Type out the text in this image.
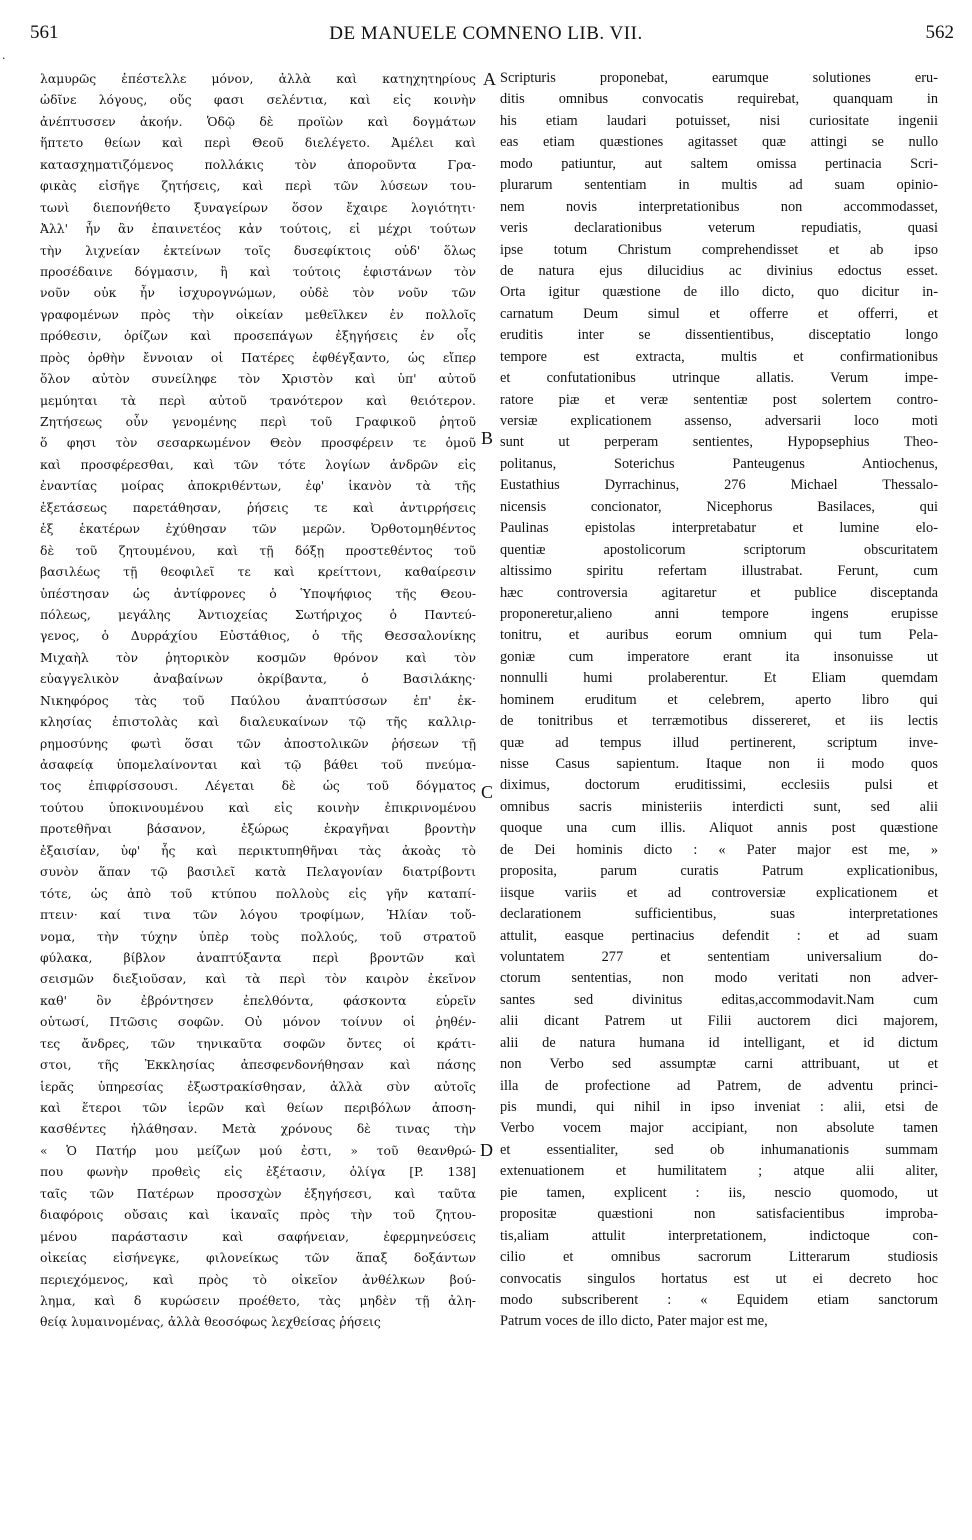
·
561	DE MANUELE COMNENO LIB. VII.	562
λαμυρῶς ἐπέστελλε μόνον, ἀλλὰ καὶ κατηχητηρίους
ὠδῖνε λόγους, οὕς φασι σελέντια, καὶ εἰς κοινὴν
ἀνέπτυσσεν ἀκοήν. Ὁδῷ δὲ προϊὼν καὶ δογμάτων
ἥπτετο θείων καὶ περὶ Θεοῦ διελέγετο. Ἀμέλει καὶ
κατασχηματιζόμενος πολλάκις τὸν ἀποροῦντα Γρα-
φικὰς εἰσῆγε ζητήσεις, καὶ περὶ τῶν λύσεων του-
τωνὶ διεπονήθετο ξυναγείρων ὅσον ἔχαιρε λογιότητι·
Ἀλλ' ἦν ἂν ἐπαινετέος κἀν τούτοις, εἰ μέχρι τούτων
τὴν λιχνείαν ἐκτείνων τοῖς δυσεφίκτοις οὐδ' ὅλως
προσέδαινε δόγμασιν, ἢ καὶ τούτοις ἐφιστάνων τὸν
νοῦν οὐκ ἦν ἰσχυρογνώμων, οὐδὲ τὸν νοῦν τῶν
γραφομένων πρὸς τὴν οἰκείαν μεθεῖλκεν ἐν πολλοῖς
πρόθεσιν, ὁρίζων καὶ προσεπάγων ἐξηγήσεις ἐν οἷς
πρὸς ὀρθὴν ἔννοιαν οἱ Πατέρες ἐφθέγξαντο, ὡς εἴπερ
ὅλον αὐτὸν συνείληφε τὸν Χριστὸν καὶ ὑπ' αὐτοῦ
μεμύηται τὰ περὶ αὐτοῦ τρανότερον καὶ θειότερον.
Ζητήσεως οὖν γενομένης περὶ τοῦ Γραφικοῦ ῥητοῦ
ὅ φησι τὸν σεσαρκωμένον Θεὸν προσφέρειν τε ὁμοῦ
καὶ προσφέρεσθαι, καὶ τῶν τότε λογίων ἀνδρῶν εἰς
ἐναντίας μοίρας ἀποκριθέντων, ἐφ' ἱκανὸν τὰ τῆς
ἐξετάσεως παρετάθησαν, ῥήσεις τε καὶ ἀντιρρήσεις
ἐξ ἑκατέρων ἐχύθησαν τῶν μερῶν. Ὀρθοτομηθέντος
δὲ τοῦ ζητουμένου, καὶ τῇ δόξῃ προστεθέντος τοῦ
βασιλέως τῇ θεοφιλεῖ τε καὶ κρείττονι, καθαίρεσιν
ὑπέστησαν ὡς ἀντίφρονες ὁ Ὑποψήφιος τῆς Θεου-
πόλεως, μεγάλης Ἀντιοχείας Σωτήριχος ὁ Παντεύ-
γενος, ὁ Δυρράχίου Εὐστάθιος, ὁ τῆς Θεσσαλονίκης
Μιχαὴλ τὸν ῥητορικὸν κοσμῶν θρόνον καὶ τὸν
εὐαγγελικὸν ἀναβαίνων ὀκρίβαντα, ὁ Βασιλάκης·
Νικηφόρος τὰς τοῦ Παύλου ἀναπτύσσων ἐπ' ἐκ-
κλησίας ἐπιστολὰς καὶ διαλευκαίνων τῷ τῆς καλλιρ-
ρημοσύνης φωτὶ ὅσαι τῶν ἀποστολικῶν ῥήσεων τῇ
ἀσαφείᾳ ὑπομελαίνονται καὶ τῷ βάθει τοῦ πνεύμα-
τος ἐπιφρίσσουσι. Λέγεται δὲ ὡς τοῦ δόγματος
τούτου ὑποκινουμένου καὶ εἰς κοινὴν ἐπικρινομένου
προτεθῆναι βάσανον, ἐξώρως ἐκραγῆναι βροντὴν
ἐξαισίαν, ὑφ' ἧς καὶ περικτυπηθῆναι τὰς ἀκοὰς τὸ
συνὸν ἅπαν τῷ βασιλεῖ κατὰ Πελαγονίαν διατρίβοντι
τότε, ὡς ἀπὸ τοῦ κτύπου πολλοὺς εἰς γῆν καταπί-
πτειν· καί τινα τῶν λόγου τροφίμων, Ἠλίαν τοὔ-
νομα, τὴν τύχην ὑπὲρ τοὺς πολλούς, τοῦ στρατοῦ
φύλακα, βίβλον ἀναπτύξαντα περὶ βροντῶν καὶ
σεισμῶν διεξιοῦσαν, καὶ τὰ περὶ τὸν καιρὸν ἐκεῖνον
καθ' ὃν ἐβρόντησεν ἐπελθόντα, φάσκοντα εὑρεῖν
οὑτωσί, Πτῶσις σοφῶν. Οὐ μόνον τοίνυν οἱ ῥηθέν-
τες ἄνδρες, τῶν τηνικαῦτα σοφῶν ὄντες οἱ κράτι-
στοι, τῆς Ἐκκλησίας ἀπεσφενδονήθησαν καὶ πάσης
ἱερᾶς ὑπηρεσίας ἐξωστρακίσθησαν, ἀλλὰ σὺν αὐτοῖς
καὶ ἕτεροι τῶν ἱερῶν καὶ θείων περιβόλων ἀποση-
κασθέντες ἠλάθησαν. Μετὰ χρόνους δὲ τινας τὴν
« Ὁ Πατήρ μου μείζων μού ἐστι, » τοῦ θεανθρώ-
που φωνὴν προθεὶς εἰς ἐξέτασιν, ὀλίγα [P. 138]
ταῖς τῶν Πατέρων προσσχὼν ἐξηγήσεσι, καὶ ταῦτα
διαφόροις οὔσαις καὶ ἱκαναῖς πρὸς τὴν τοῦ ζητου-
μένου παράστασιν καὶ σαφήνειαν, ἐφερμηνεύσεις
οἰκείας εἰσήνεγκε, φιλονείκως τῶν ἅπαξ δοξάντων
περιεχόμενος, καὶ πρὸς τὸ οἰκεῖον ἀνθέλκων βού-
λημα, καὶ δ κυρώσειν προέθετο, τὰς μηδὲν τῇ ἀλη-
θείᾳ λυμαινομένας, ἀλλὰ θεοσόφως λεχθείσας ῥήσεις
Scripturis proponebat, earumque solutiones eru-
ditis omnibus convocatis requirebat, quanquam in
his etiam laudari potuisset, nisi curiositate ingenii
eas etiam quæstiones agitasset quæ attingi se nullo
modo patiuntur, aut saltem omissa pertinacia Scri-
plurarum sententiam in multis ad suam opinio-
nem novis interpretationibus non accommodasset,
veris declarationibus veterum repudiatis, quasi
ipse totum Christum comprehendisset et ab ipso
de natura ejus dilucidius ac divinius edoctus esset.
Orta igitur quæstione de illo dicto, quo dicitur in-
carnatum Deum simul et offerre et offerri, et
eruditis inter se dissentientibus, disceptatio longo
tempore est extracta, multis et confirmationibus
et confutationibus utrinque allatis. Verum impe-
ratore piæ et veræ sententiæ post solertem contro-
versiæ explicationem assenso, adversarii loco moti
sunt ut perperam sentientes, Hypopsephius Theo-
politanus, Soterichus Panteugenus Antiochenus,
Eustathius Dyrrachinus, 276 Michael Thessalo-
nicensis concionator, Nicephorus Basilaces, qui
Paulinas epistolas interpretabatur et lumine elo-
quentiæ apostolicorum scriptorum obscuritatem
altissimo spiritu refertam illustrabat. Ferunt, cum
hæc controversia agitaretur et publice disceptanda
proponeretur,alieno anni tempore ingens erupisse
tonitru, et auribus eorum omnium qui tum Pela-
goniæ cum imperatore erant ita insonuisse ut
nonnulli humi prolaberentur. Et Eliam quemdam
hominem eruditum et celebrem, aperto libro qui
de tonitribus et terræmotibus dissereret, et iis lectis
quæ ad tempus illud pertinerent, scriptum inve-
nisse Casus sapientum. Itaque non ii modo quos
diximus, doctorum eruditissimi, ecclesiis pulsi et
omnibus sacris ministeriis interdicti sunt, sed alii
quoque una cum illis. Aliquot annis post quæstione
de Dei hominis dicto : « Pater major est me, »
proposita, parum curatis Patrum explicationibus,
iisque variis et ad controversiæ explicationem et
declarationem sufficientibus, suas interpretationes
attulit, easque pertinacius defendit : et ad suam
voluntatem 277 et sententiam universalium do-
ctorum sententias, non modo veritati non adver-
santes sed divinitus editas,accommodavit.Nam cum
alii dicant Patrem ut Filii auctorem dici majorem,
alii de natura humana id intelligant, et id dictum
non Verbo sed assumptæ carni attribuant, ut et
illa de profectione ad Patrem, de adventu princi-
pis mundi, qui nihil in ipso inveniat : alii, etsi de
Verbo vocem major accipiant, non absolute tamen
et essentialiter, sed ob inhumanationis summam
extenuationem et humilitatem ; atque alii aliter,
pie tamen, explicent : iis, nescio quomodo, ut
propositæ quæstioni non satisfacientibus improba-
tis,aliam attulit interpretationem, indictoque con-
cilio et omnibus sacrorum Litterarum studiosis
convocatis singulos hortatus est ut ei decreto hoc
modo subscriberent : « Equidem etiam sanctorum
Patrum voces de illo dicto, Pater major est me,
A
B
C
D
